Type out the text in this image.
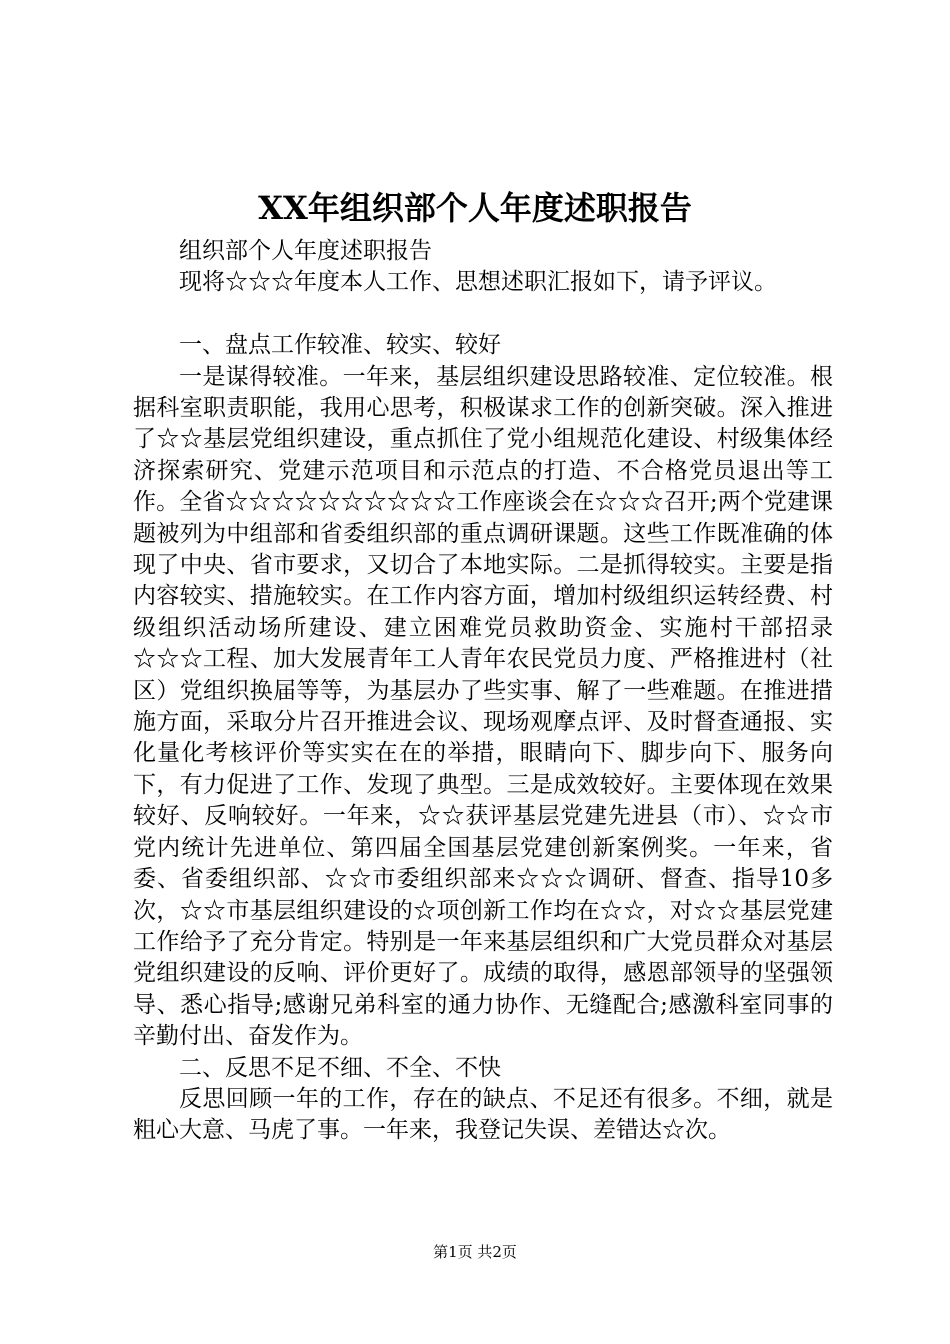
XX年组织部个人年度述职报告

组织部个人年度述职报告

现将☆☆☆年度本人工作、思想述职汇报如下，请予评议。

一、盘点工作较准、较实、较好

一是谋得较准。一年来，基层组织建设思路较准、定位较准。根据科室职责职能，我用心思考，积极谋求工作的创新突破。深入推进了☆☆基层党组织建设，重点抓住了党小组规范化建设、村级集体经济探索研究、党建示范项目和示范点的打造、不合格党员退出等工作。全省☆☆☆☆☆☆☆☆☆☆工作座谈会在☆☆☆召开;两个党建课题被列为中组部和省委组织部的重点调研课题。这些工作既准确的体现了中央、省市要求，又切合了本地实际。二是抓得较实。主要是指内容较实、措施较实。在工作内容方面，增加村级组织运转经费、村级组织活动场所建设、建立困难党员救助资金、实施村干部招录☆☆☆工程、加大发展青年工人青年农民党员力度、严格推进村（社区）党组织换届等等，为基层办了些实事、解了一些难题。在推进措施方面，采取分片召开推进会议、现场观摩点评、及时督查通报、实化量化考核评价等实实在在的举措，眼睛向下、脚步向下、服务向下，有力促进了工作、发现了典型。三是成效较好。主要体现在效果较好、反响较好。一年来，☆☆获评基层党建先进县（市）、☆☆市党内统计先进单位、第四届全国基层党建创新案例奖。一年来，省委、省委组织部、☆☆市委组织部来☆☆☆调研、督查、指导10多次，☆☆市基层组织建设的☆项创新工作均在☆☆，对☆☆基层党建工作给予了充分肯定。特别是一年来基层组织和广大党员群众对基层党组织建设的反响、评价更好了。成绩的取得，感恩部领导的坚强领导、悉心指导;感谢兄弟科室的通力协作、无缝配合;感激科室同事的辛勤付出、奋发作为。

二、反思不足不细、不全、不快

反思回顾一年的工作，存在的缺点、不足还有很多。不细，就是粗心大意、马虎了事。一年来，我登记失误、差错达☆次。

第1页 共2页
